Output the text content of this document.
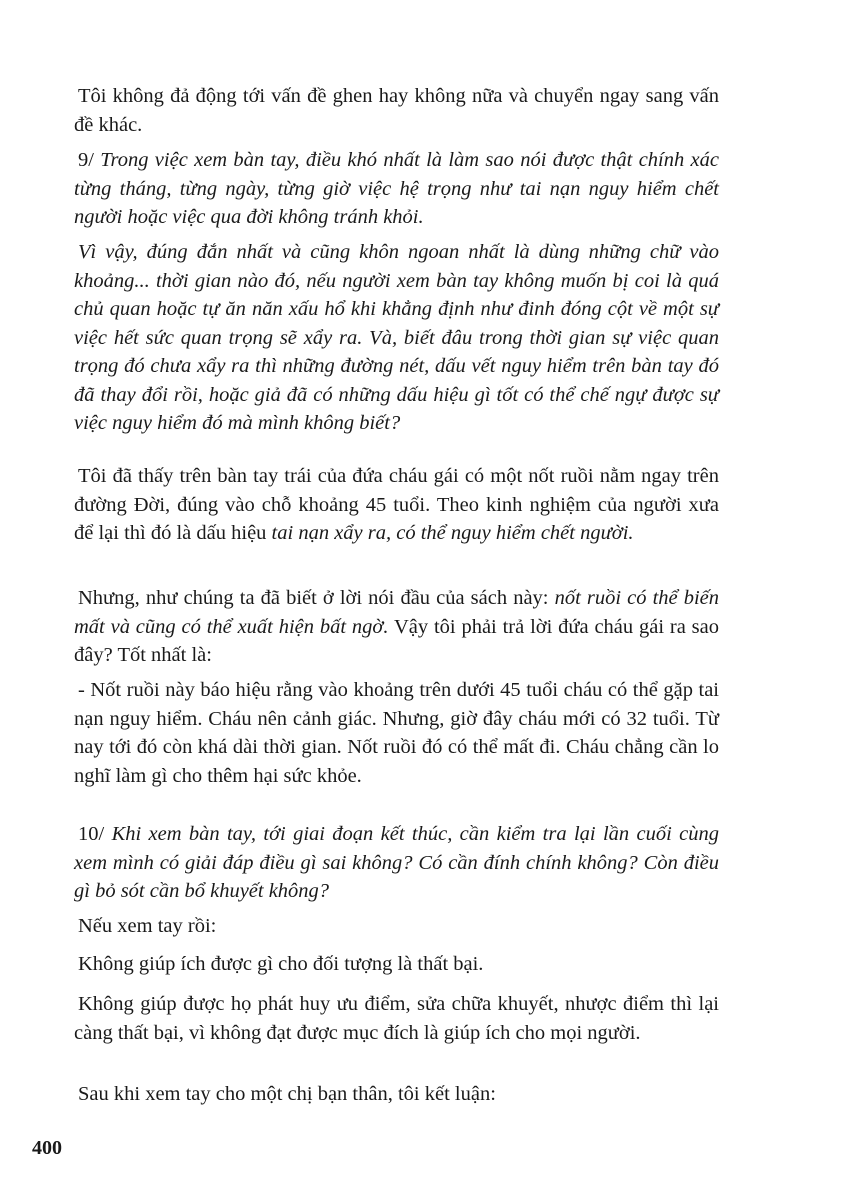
Tôi không đả động tới vấn đề ghen hay không nữa và chuyển ngay sang vấn đề khác.

9/ Trong việc xem bàn tay, điều khó nhất là làm sao nói được thật chính xác từng tháng, từng ngày, từng giờ việc hệ trọng như tai nạn nguy hiểm chết người hoặc việc qua đời không tránh khỏi.

Vì vậy, đúng đắn nhất và cũng khôn ngoan nhất là dùng những chữ vào khoảng... thời gian nào đó, nếu người xem bàn tay không muốn bị coi là quá chủ quan hoặc tự ăn năn xấu hổ khi khẳng định như đinh đóng cột về một sự việc hết sức quan trọng sẽ xẩy ra. Và, biết đâu trong thời gian sự việc quan trọng đó chưa xẩy ra thì những đường nét, dấu vết nguy hiểm trên bàn tay đó đã thay đổi rồi, hoặc giả đã có những dấu hiệu gì tốt có thể chế ngự được sự việc nguy hiểm đó mà mình không biết?

Tôi đã thấy trên bàn tay trái của đứa cháu gái có một nốt ruồi nằm ngay trên đường Đời, đúng vào chỗ khoảng 45 tuổi. Theo kinh nghiệm của người xưa để lại thì đó là dấu hiệu tai nạn xẩy ra, có thể nguy hiểm chết người.

Nhưng, như chúng ta đã biết ở lời nói đầu của sách này: nốt ruồi có thể biến mất và cũng có thể xuất hiện bất ngờ. Vậy tôi phải trả lời đứa cháu gái ra sao đây? Tốt nhất là:

- Nốt ruồi này báo hiệu rằng vào khoảng trên dưới 45 tuổi cháu có thể gặp tai nạn nguy hiểm. Cháu nên cảnh giác. Nhưng, giờ đây cháu mới có 32 tuổi. Từ nay tới đó còn khá dài thời gian. Nốt ruồi đó có thể mất đi. Cháu chẳng cần lo nghĩ làm gì cho thêm hại sức khỏe.

10/ Khi xem bàn tay, tới giai đoạn kết thúc, cần kiểm tra lại lần cuối cùng xem mình có giải đáp điều gì sai không? Có cần đính chính không? Còn điều gì bỏ sót cần bổ khuyết không?

Nếu xem tay rồi:

Không giúp ích được gì cho đối tượng là thất bại.

Không giúp được họ phát huy ưu điểm, sửa chữa khuyết, nhược điểm thì lại càng thất bại, vì không đạt được mục đích là giúp ích cho mọi người.

Sau khi xem tay cho một chị bạn thân, tôi kết luận:

400
